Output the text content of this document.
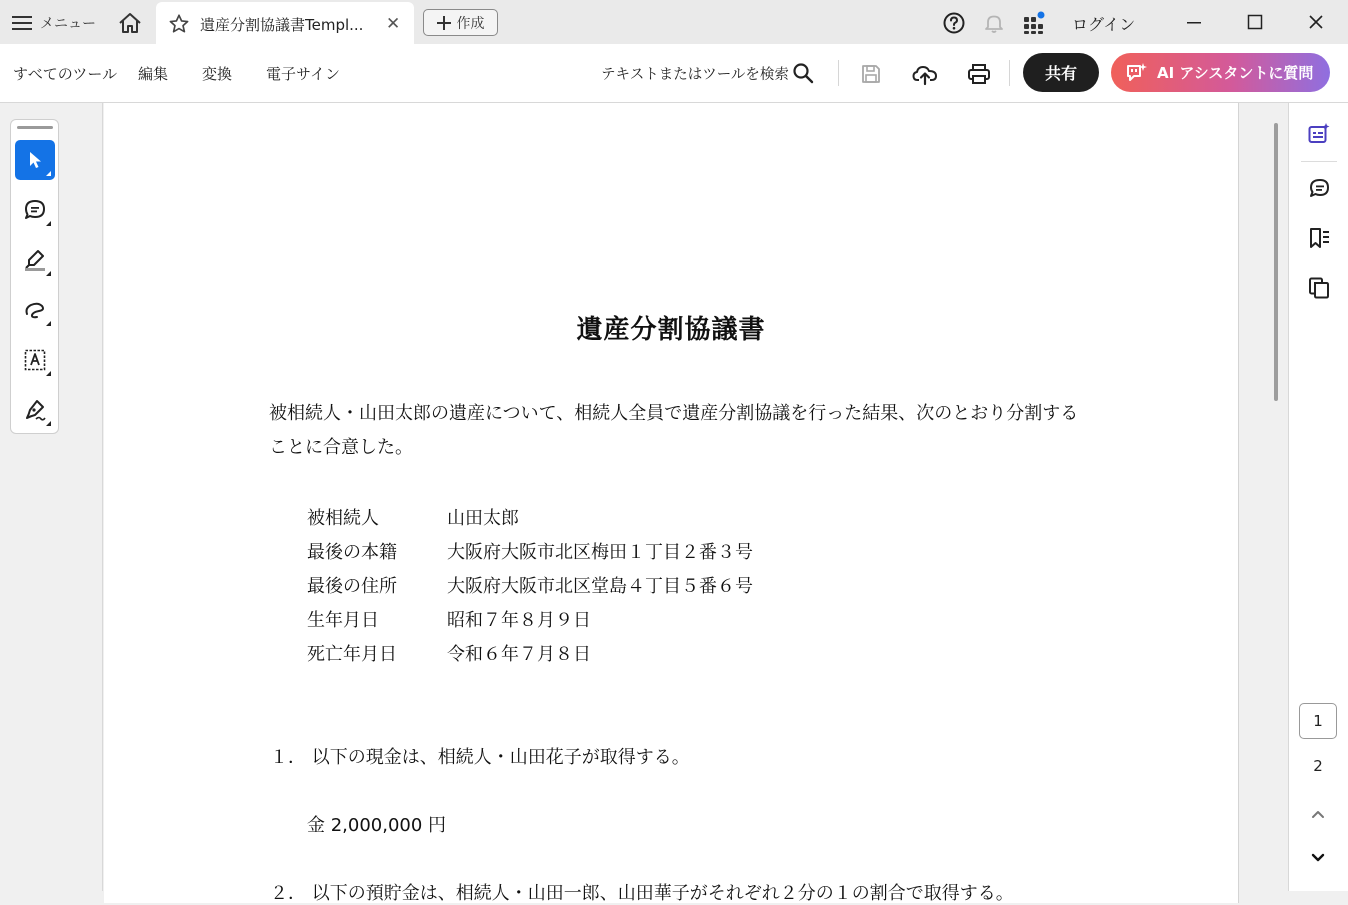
メニュー	遺産分割協議書Templ... ✕	作成	ログイン
すべてのツール 編集 変換 電子サイン	テキストまたはツールを検索	共有	AI アシスタントに質問
遺産分割協議書
被相続人・山田太郎の遺産について、相続人全員で遺産分割協議を行った結果、次のとおり分割することに合意した。
被相続人	山田太郎
最後の本籍	大阪府大阪市北区梅田１丁目２番３号
最後の住所	大阪府大阪市北区堂島４丁目５番６号
生年月日	昭和７年８月９日
死亡年月日	令和６年７月８日
１． 以下の現金は、相続人・山田花子が取得する。
金 2,000,000 円
２． 以下の預貯金は、相続人・山田一郎、山田華子がそれぞれ２分の１の割合で取得する。
1
2
